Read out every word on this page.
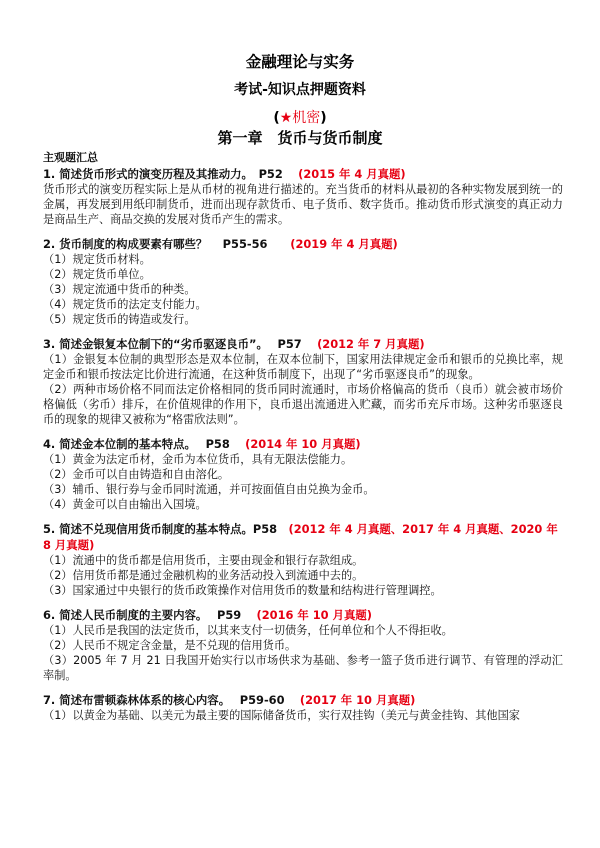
金融理论与实务
考试-知识点押题资料
(★机密)
第一章　货币与货币制度
主观题汇总
1. 简述货币形式的演变历程及其推动力。　 P52　 (2015 年 4 月真题)
货币形式的演变历程实际上是从币材的视角进行描述的。充当货币的材料从最初的各种实物发展到统一的金属，再发展到用纸印制货币，进而出现存款货币、电子货币、数字货币。推动货币形式演变的真正动力是商品生产、商品交换的发展对货币产生的需求。
2. 货币制度的构成要素有哪些？　 P55-56　　 (2019 年 4 月真题)
（1）规定货币材料。
（2）规定货币单位。
（3）规定流通中货币的种类。
（4）规定货币的法定支付能力。
（5）规定货币的铸造或发行。
3. 简述金银复本位制下的“劣币驱逐良币”。　 P57　 (2012 年 7 月真题)
（1）金银复本位制的典型形态是双本位制，在双本位制下，国家用法律规定金币和银币的兑换比率，规定金币和银币按法定比价进行流通，在这种货币制度下，出现了“劣币驱逐良币”的现象。
（2）两种市场价格不同而法定价格相同的货币同时流通时，市场价格偏高的货币（良币）就会被市场价格偏低（劣币）排斥，在价值规律的作用下，良币退出流通进入贮藏，而劣币充斥市场。这种劣币驱逐良币的现象的规律又被称为“格雷欣法则”。
4. 简述金本位制的基本特点。　 P58　 (2014 年 10 月真题)
（1）黄金为法定币材，金币为本位货币，具有无限法偿能力。
（2）金币可以自由铸造和自由溶化。
（3）辅币、银行券与金币同时流通，并可按面值自由兑换为金币。
（4）黄金可以自由输出入国境。
5. 简述不兑现信用货币制度的基本特点。P58　 (2012 年 4 月真题、2017 年 4 月真题、2020 年 8 月真题)
（1）流通中的货币都是信用货币，主要由现金和银行存款组成。
（2）信用货币都是通过金融机构的业务活动投入到流通中去的。
（3）国家通过中央银行的货币政策操作对信用货币的数量和结构进行管理调控。
6. 简述人民币制度的主要内容。　 P59　 (2016 年 10 月真题)
（1）人民币是我国的法定货币，以其来支付一切债务，任何单位和个人不得拒收。
（2）人民币不规定含金量，是不兑现的信用货币。
（3）2005 年 7 月 21 日我国开始实行以市场供求为基础、参考一篮子货币进行调节、有管理的浮动汇率制。
7. 简述布雷顿森林体系的核心内容。　 P59-60　 (2017 年 10 月真题)
（1）以黄金为基础、以美元为最主要的国际储备货币，实行双挂钩（美元与黄金挂钩、其他国家
